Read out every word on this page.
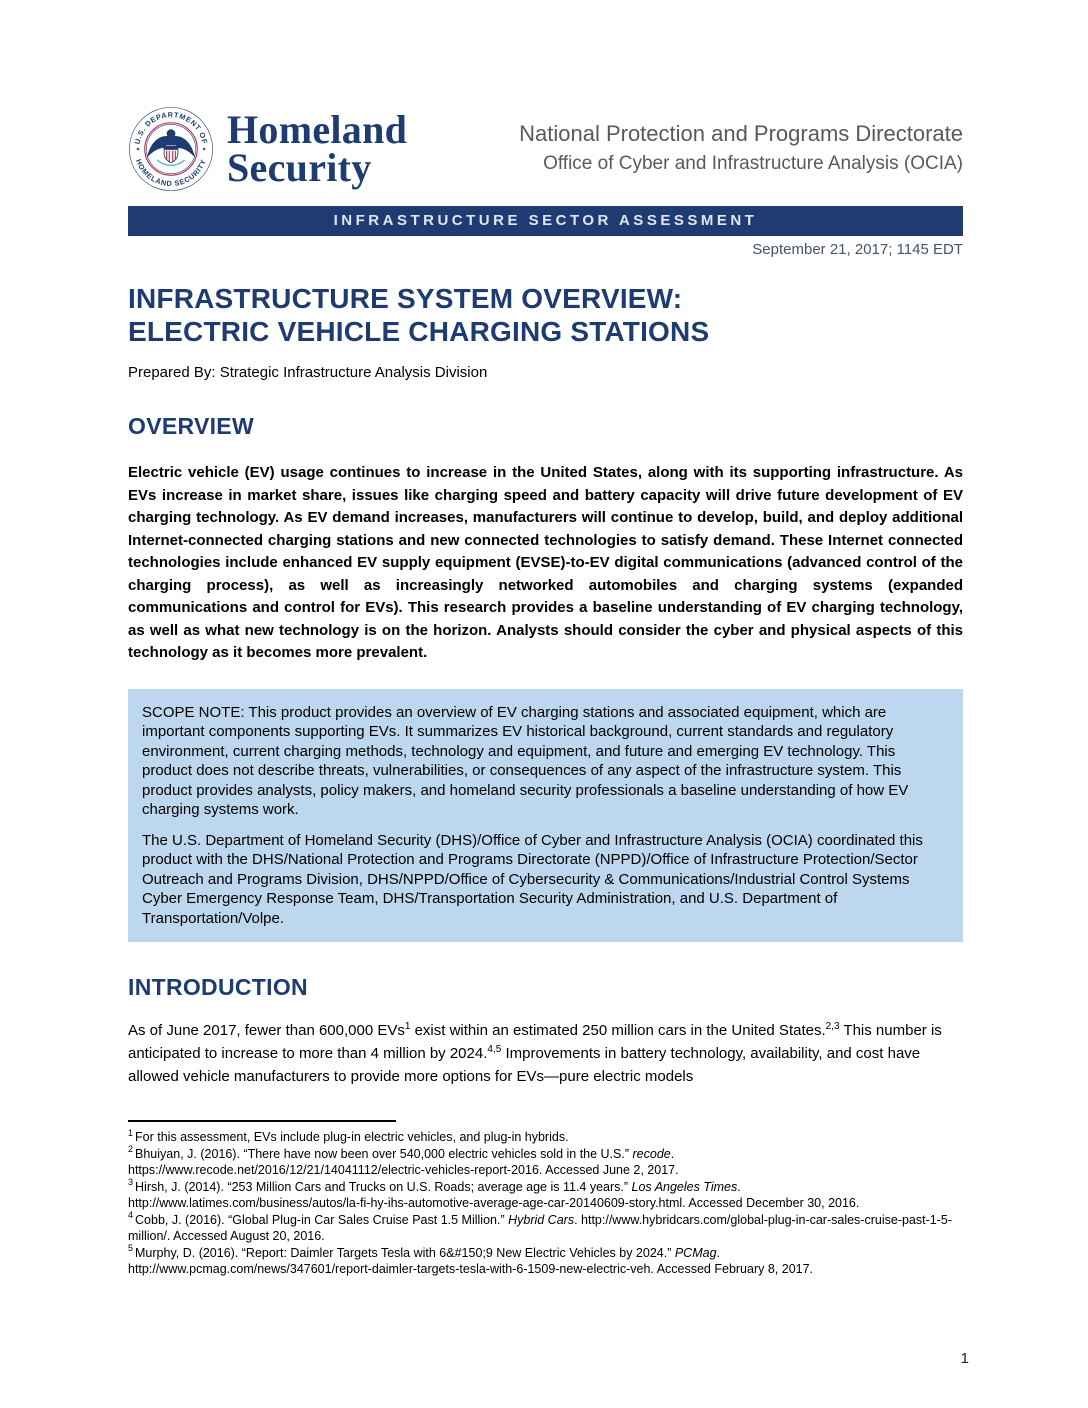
U.S. DEPARTMENT OF
HOMELAND SECURITY
Homeland
Security
National Protection and Programs Directorate
Office of Cyber and Infrastructure Analysis (OCIA)
INFRASTRUCTURE SECTOR ASSESSMENT
September 21, 2017; 1145 EDT
INFRASTRUCTURE SYSTEM OVERVIEW:
ELECTRIC VEHICLE CHARGING STATIONS

Prepared By: Strategic Infrastructure Analysis Division

OVERVIEW

Electric vehicle (EV) usage continues to increase in the United States, along with its supporting infrastructure. As EVs increase in market share, issues like charging speed and battery capacity will drive future development of EV charging technology. As EV demand increases, manufacturers will continue to develop, build, and deploy additional Internet-connected charging stations and new connected technologies to satisfy demand. These Internet connected technologies include enhanced EV supply equipment (EVSE)-to-EV digital communications (advanced control of the charging process), as well as increasingly networked automobiles and charging systems (expanded communications and control for EVs). This research provides a baseline understanding of EV charging technology, as well as what new technology is on the horizon. Analysts should consider the cyber and physical aspects of this technology as it becomes more prevalent.

SCOPE NOTE: This product provides an overview of EV charging stations and associated equipment, which are important components supporting EVs. It summarizes EV historical background, current standards and regulatory environment, current charging methods, technology and equipment, and future and emerging EV technology. This product does not describe threats, vulnerabilities, or consequences of any aspect of the infrastructure system. This product provides analysts, policy makers, and homeland security professionals a baseline understanding of how EV charging systems work.

The U.S. Department of Homeland Security (DHS)/Office of Cyber and Infrastructure Analysis (OCIA) coordinated this product with the DHS/National Protection and Programs Directorate (NPPD)/Office of Infrastructure Protection/Sector Outreach and Programs Division, DHS/NPPD/Office of Cybersecurity & Communications/Industrial Control Systems Cyber Emergency Response Team, DHS/Transportation Security Administration, and U.S. Department of Transportation/Volpe.

INTRODUCTION

As of June 2017, fewer than 600,000 EVs$^1$ exist within an estimated 250 million cars in the United States.$^{2,3}$ This number is anticipated to increase to more than 4 million by 2024.$^{4,5}$ Improvements in battery technology, availability, and cost have allowed vehicle manufacturers to provide more options for EVs—pure electric models

$^1$ For this assessment, EVs include plug-in electric vehicles, and plug-in hybrids.

$^2$ Bhuiyan, J. (2016). “There have now been over 540,000 electric vehicles sold in the U.S.” recode. https://www.recode.net/2016/12/21/14041112/electric-vehicles-report-2016. Accessed June 2, 2017.

$^3$ Hirsh, J. (2014). “253 Million Cars and Trucks on U.S. Roads; average age is 11.4 years.” Los Angeles Times. http://www.latimes.com/business/autos/la-fi-hy-ihs-automotive-average-age-car-20140609-story.html. Accessed December 30, 2016.

$^4$ Cobb, J. (2016). “Global Plug-in Car Sales Cruise Past 1.5 Million.” Hybrid Cars. http://www.hybridcars.com/global-plug-in-car-sales-cruise-past-1-5-million/. Accessed August 20, 2016.

$^5$ Murphy, D. (2016). “Report: Daimler Targets Tesla with 6&#150;9 New Electric Vehicles by 2024.” PCMag. http://www.pcmag.com/news/347601/report-daimler-targets-tesla-with-6-1509-new-electric-veh. Accessed February 8, 2017.

1
